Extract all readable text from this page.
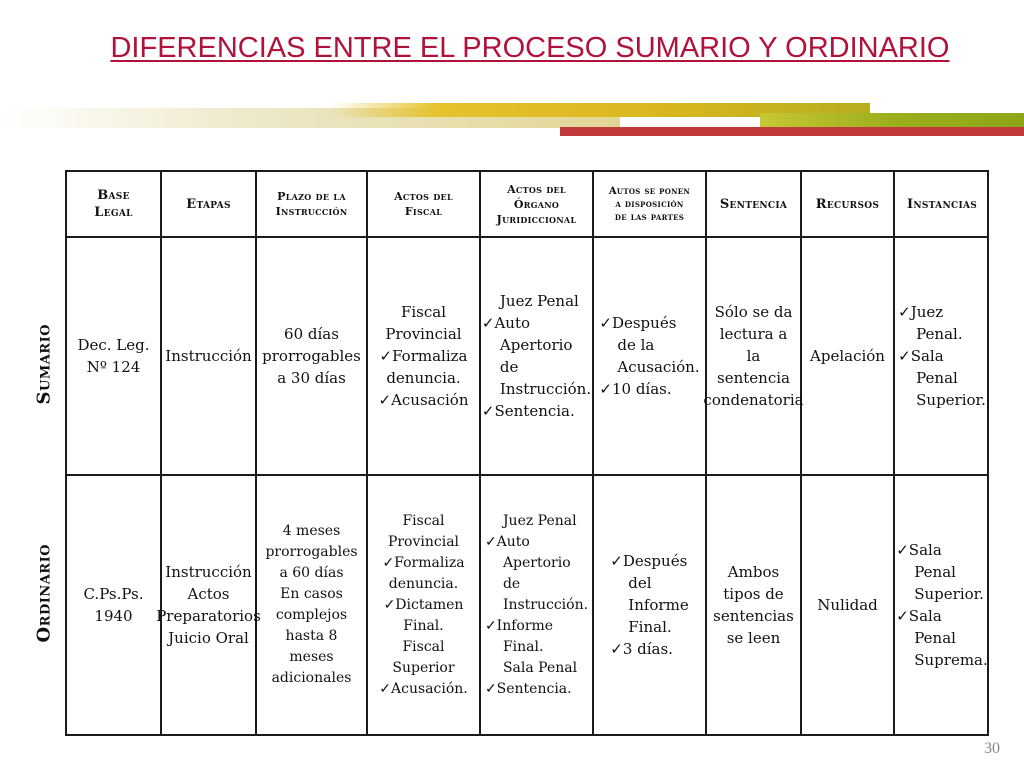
DIFERENCIAS ENTRE EL PROCESO SUMARIO Y ORDINARIO
Sumario
Ordinario
Base
Legal
Etapas	Plazo de la
Instrucción
Actos del
Fiscal
Actos del
Órgano
Juridiccional
Autos se ponen
a disposición
de las partes
Sentencia Recursos Instancias
Dec. Leg.
Nº 124
Instrucción
60 días
prorrogables
a 30 días
Fiscal
Provincial
✓Formaliza
denuncia.
✓Acusación
Juez Penal
✓Auto
Apertorio
de
Instrucción.
✓Sentencia.
✓Después
de la
Acusación.
✓10 días.
Sólo se da
lectura a
la
sentencia
condenatoria
Apelación
✓Juez
Penal.
✓Sala
Penal
Superior.
C.Ps.Ps.
1940
Instrucción
Actos
Preparatorios
Juicio Oral
4 meses
prorrogables
a 60 días
En casos
complejos
hasta 8
meses
adicionales
Fiscal
Provincial
✓Formaliza
denuncia.
✓Dictamen
Final.
Fiscal
Superior
✓Acusación.
Juez Penal
✓Auto
Apertorio
de
Instrucción.
✓Informe
Final.
Sala Penal
✓Sentencia.
✓Después
del
Informe
Final.
✓3 días.
Ambos
tipos de
sentencias
se leen
Nulidad
✓Sala
Penal
Superior.
✓Sala
Penal
Suprema.
30
